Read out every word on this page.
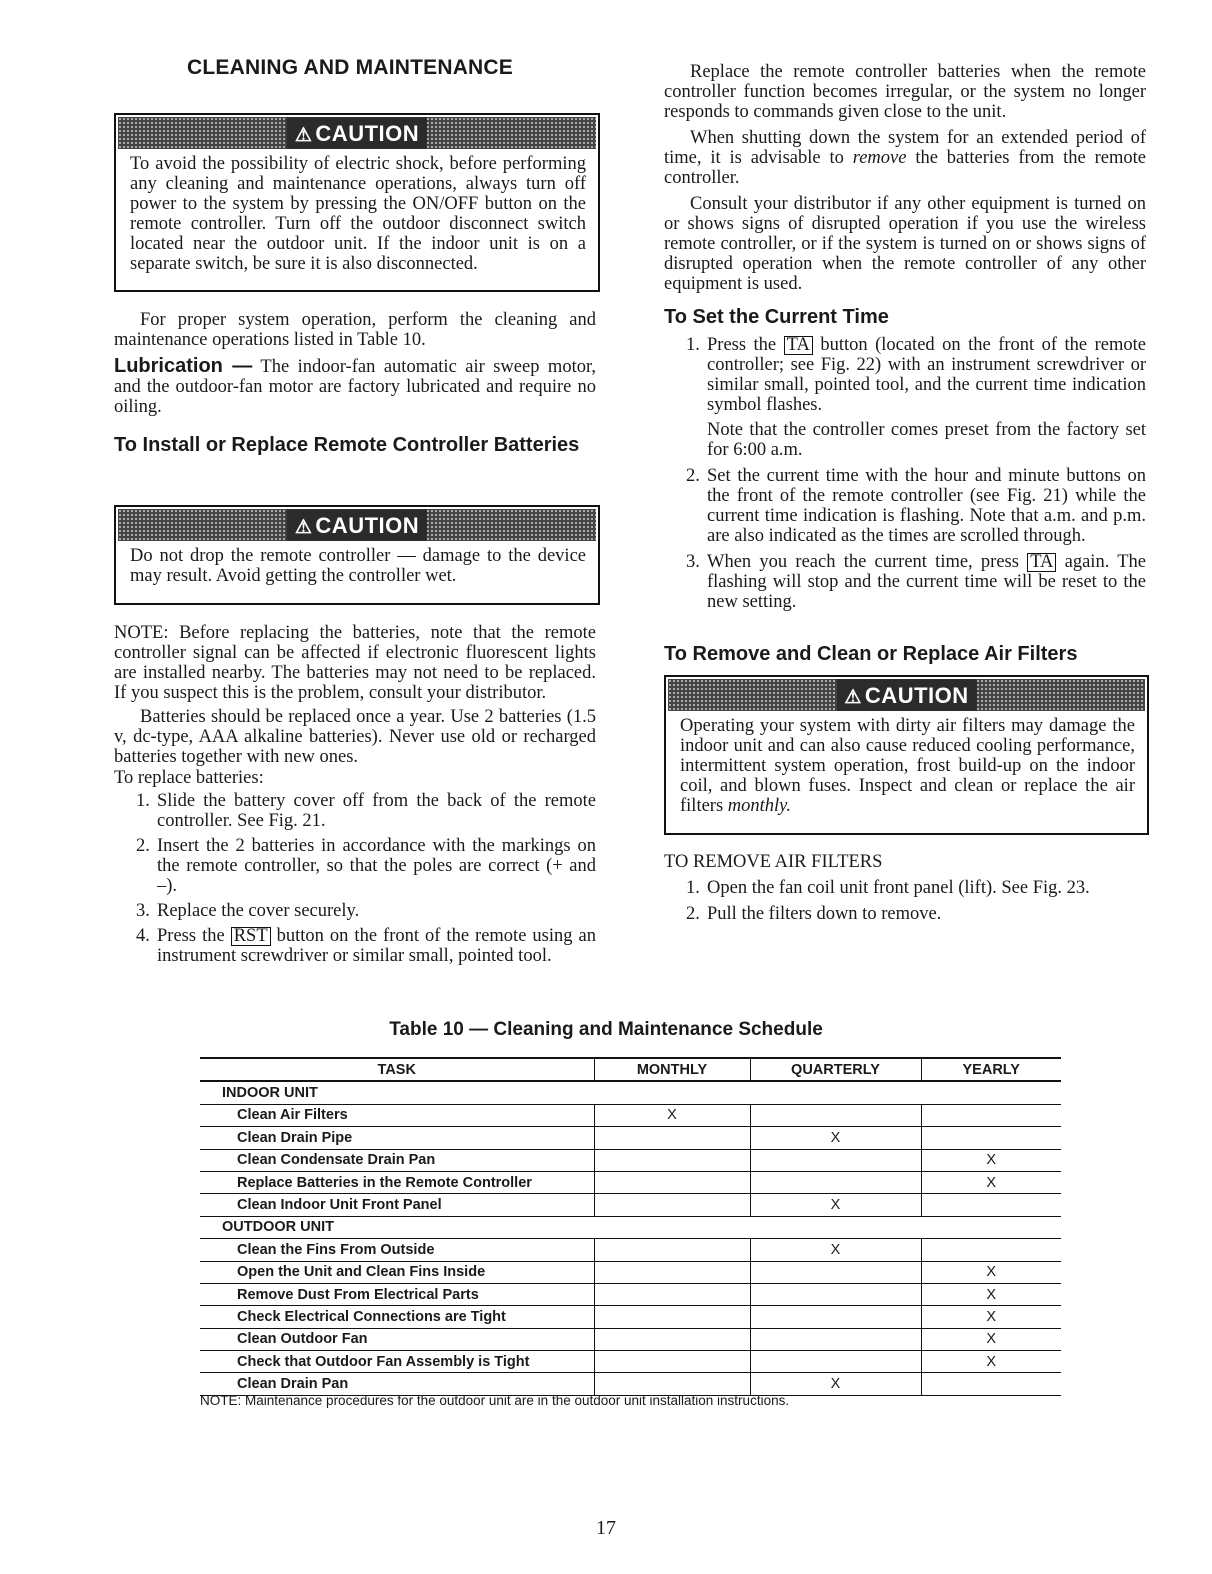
CLEANING AND MAINTENANCE
⚠ CAUTION
To avoid the possibility of electric shock, before performing any cleaning and maintenance operations, always turn off power to the system by pressing the ON/OFF button on the remote controller. Turn off the outdoor disconnect switch located near the outdoor unit. If the indoor unit is on a separate switch, be sure it is also disconnected.

For proper system operation, perform the cleaning and maintenance operations listed in Table 10.

Lubrication — The indoor-fan automatic air sweep motor, and the outdoor-fan motor are factory lubricated and require no oiling.

To Install or Replace Remote Controller Batteries
⚠ CAUTION
Do not drop the remote controller — damage to the device may result. Avoid getting the controller wet.

NOTE: Before replacing the batteries, note that the remote controller signal can be affected if electronic fluorescent lights are installed nearby. The batteries may not need to be replaced. If you suspect this is the problem, consult your distributor.

Batteries should be replaced once a year. Use 2 batteries (1.5 v, dc-type, AAA alkaline batteries). Never use old or recharged batteries together with new ones.

To replace batteries:

1. Slide the battery cover off from the back of the remote controller. See Fig. 21.
2. Insert the 2 batteries in accordance with the markings on the remote controller, so that the poles are correct (+ and –).
3. Replace the cover securely.
4. Press the RST button on the front of the remote using an instrument screwdriver or similar small, pointed tool.

Replace the remote controller batteries when the remote controller function becomes irregular, or the system no longer responds to commands given close to the unit.

When shutting down the system for an extended period of time, it is advisable to remove the batteries from the remote controller.

Consult your distributor if any other equipment is turned on or shows signs of disrupted operation if you use the wireless remote controller, or if the system is turned on or shows signs of disrupted operation when the remote controller of any other equipment is used.

To Set the Current Time
1. Press the TA button (located on the front of the remote controller; see Fig. 22) with an instrument screwdriver or similar small, pointed tool, and the current time indication symbol flashes.

Note that the controller comes preset from the factory set for 6:00 a.m.

2. Set the current time with the hour and minute buttons on the front of the remote controller (see Fig. 21) while the current time indication is flashing. Note that a.m. and p.m. are also indicated as the times are scrolled through.
3. When you reach the current time, press TA again. The flashing will stop and the current time will be reset to the new setting.
To Remove and Clean or Replace Air Filters
⚠ CAUTION
Operating your system with dirty air filters may damage the indoor unit and can also cause reduced cooling performance, intermittent system operation, frost build-up on the indoor coil, and blown fuses. Inspect and clean or replace the air filters monthly.

TO REMOVE AIR FILTERS

1. Open the fan coil unit front panel (lift). See Fig. 23.
2. Pull the filters down to remove.
Table 10 — Cleaning and Maintenance Schedule
TASK	MONTHLY	QUARTERLY	YEARLY
INDOOR UNIT			
Clean Air Filters	X		
Clean Drain Pipe		X	
Clean Condensate Drain Pan			X
Replace Batteries in the Remote Controller			X
Clean Indoor Unit Front Panel		X	
OUTDOOR UNIT			
Clean the Fins From Outside		X	
Open the Unit and Clean Fins Inside			X
Remove Dust From Electrical Parts			X
Check Electrical Connections are Tight			X
Clean Outdoor Fan			X
Check that Outdoor Fan Assembly is Tight			X
Clean Drain Pan		X	
NOTE: Maintenance procedures for the outdoor unit are in the outdoor unit installation instructions.
17
